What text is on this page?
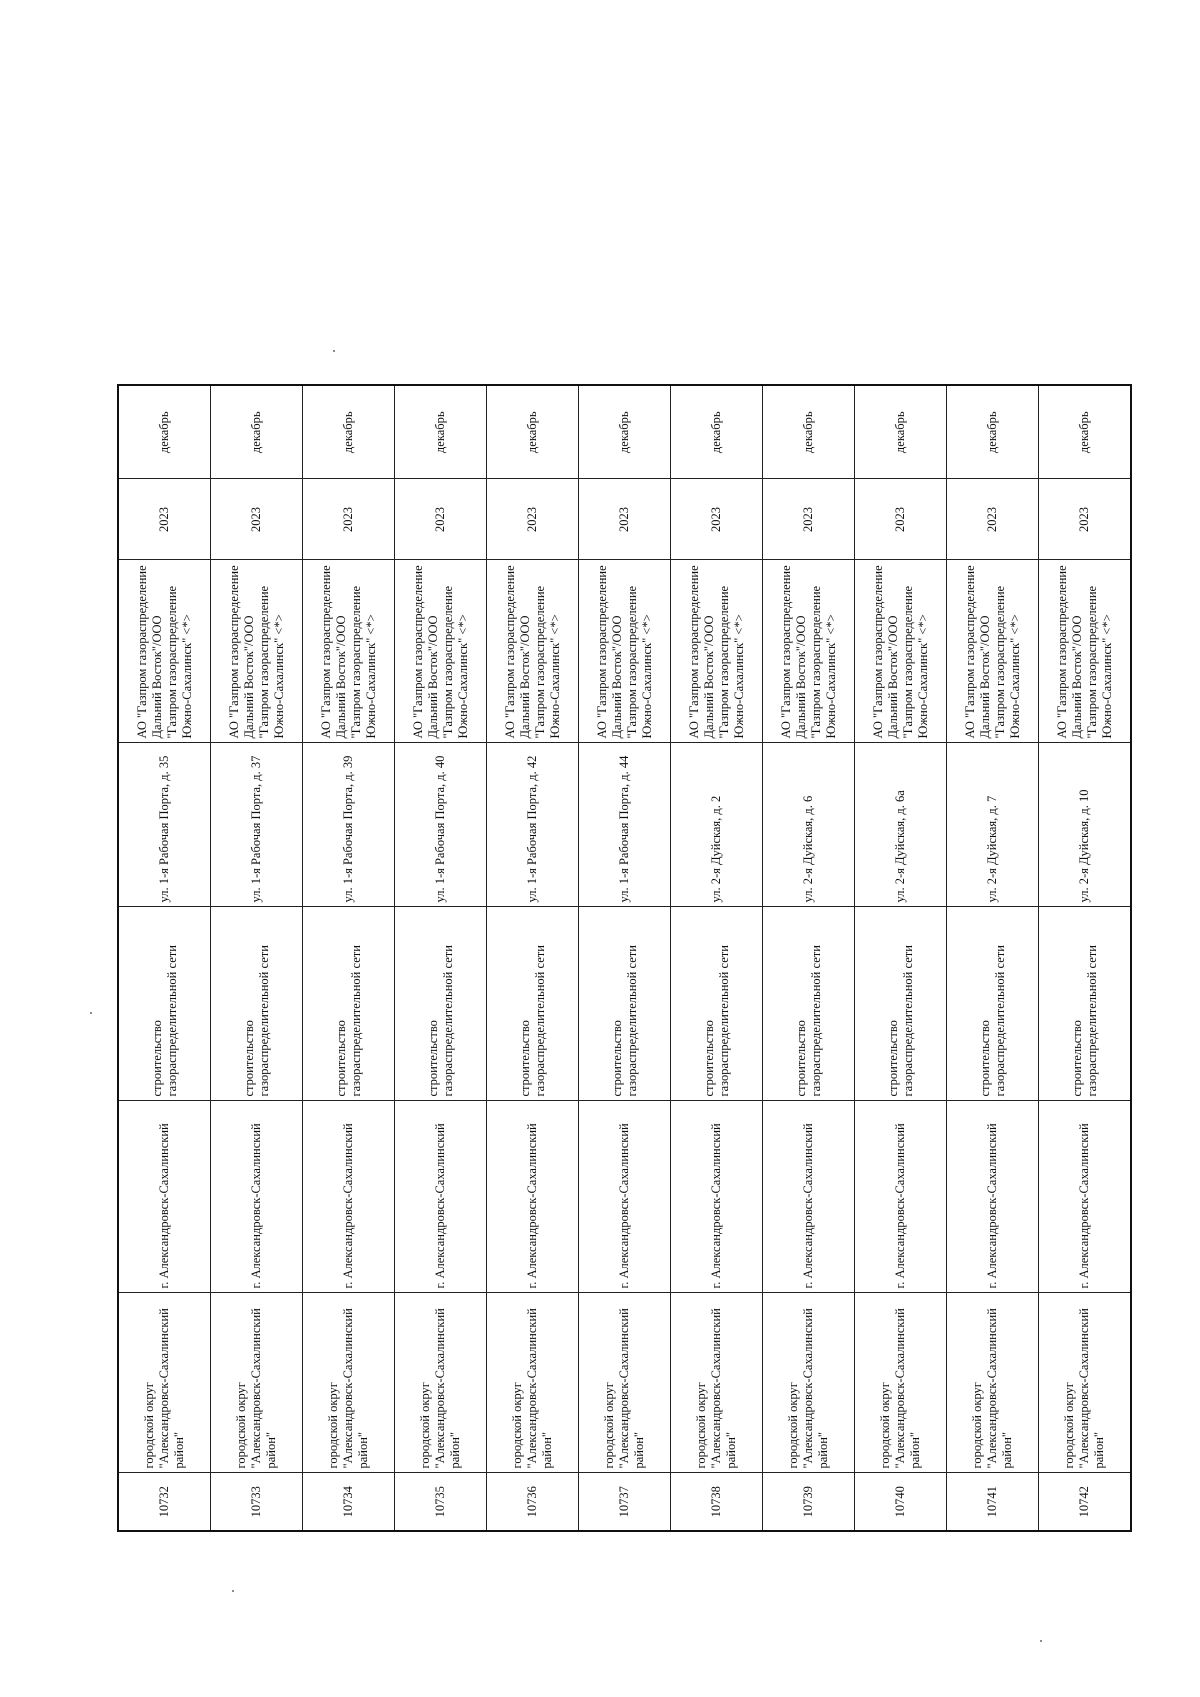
10732	городской округ "Александровск-Сахалинский район"	г. Александровск-Сахалинский	строительство газораспределительной сети	ул. 1-я Рабочая Порта, д. 35	АО "Газпром газораспределение Дальний Восток"/ООО "Газпром газораспределение Южно-Сахалинск" <*>	2023	декабрь
10733	городской округ "Александровск-Сахалинский район"	г. Александровск-Сахалинский	строительство газораспределительной сети	ул. 1-я Рабочая Порта, д. 37	АО "Газпром газораспределение Дальний Восток"/ООО "Газпром газораспределение Южно-Сахалинск" <*>	2023	декабрь
10734	городской округ "Александровск-Сахалинский район"	г. Александровск-Сахалинский	строительство газораспределительной сети	ул. 1-я Рабочая Порта, д. 39	АО "Газпром газораспределение Дальний Восток"/ООО "Газпром газораспределение Южно-Сахалинск" <*>	2023	декабрь
10735	городской округ "Александровск-Сахалинский район"	г. Александровск-Сахалинский	строительство газораспределительной сети	ул. 1-я Рабочая Порта, д. 40	АО "Газпром газораспределение Дальний Восток"/ООО "Газпром газораспределение Южно-Сахалинск" <*>	2023	декабрь
10736	городской округ "Александровск-Сахалинский район"	г. Александровск-Сахалинский	строительство газораспределительной сети	ул. 1-я Рабочая Порта, д. 42	АО "Газпром газораспределение Дальний Восток"/ООО "Газпром газораспределение Южно-Сахалинск" <*>	2023	декабрь
10737	городской округ "Александровск-Сахалинский район"	г. Александровск-Сахалинский	строительство газораспределительной сети	ул. 1-я Рабочая Порта, д. 44	АО "Газпром газораспределение Дальний Восток"/ООО "Газпром газораспределение Южно-Сахалинск" <*>	2023	декабрь
10738	городской округ "Александровск-Сахалинский район"	г. Александровск-Сахалинский	строительство газораспределительной сети	ул. 2-я Дуйская, д. 2	АО "Газпром газораспределение Дальний Восток"/ООО "Газпром газораспределение Южно-Сахалинск" <*>	2023	декабрь
10739	городской округ "Александровск-Сахалинский район"	г. Александровск-Сахалинский	строительство газораспределительной сети	ул. 2-я Дуйская, д. 6	АО "Газпром газораспределение Дальний Восток"/ООО "Газпром газораспределение Южно-Сахалинск" <*>	2023	декабрь
10740	городской округ "Александровск-Сахалинский район"	г. Александровск-Сахалинский	строительство газораспределительной сети	ул. 2-я Дуйская, д. 6а	АО "Газпром газораспределение Дальний Восток"/ООО "Газпром газораспределение Южно-Сахалинск" <*>	2023	декабрь
10741	городской округ "Александровск-Сахалинский район"	г. Александровск-Сахалинский	строительство газораспределительной сети	ул. 2-я Дуйская, д. 7	АО "Газпром газораспределение Дальний Восток"/ООО "Газпром газораспределение Южно-Сахалинск" <*>	2023	декабрь
10742	городской округ "Александровск-Сахалинский район"	г. Александровск-Сахалинский	строительство газораспределительной сети	ул. 2-я Дуйская, д. 10	АО "Газпром газораспределение Дальний Восток"/ООО "Газпром газораспределение Южно-Сахалинск" <*>	2023	декабрь
